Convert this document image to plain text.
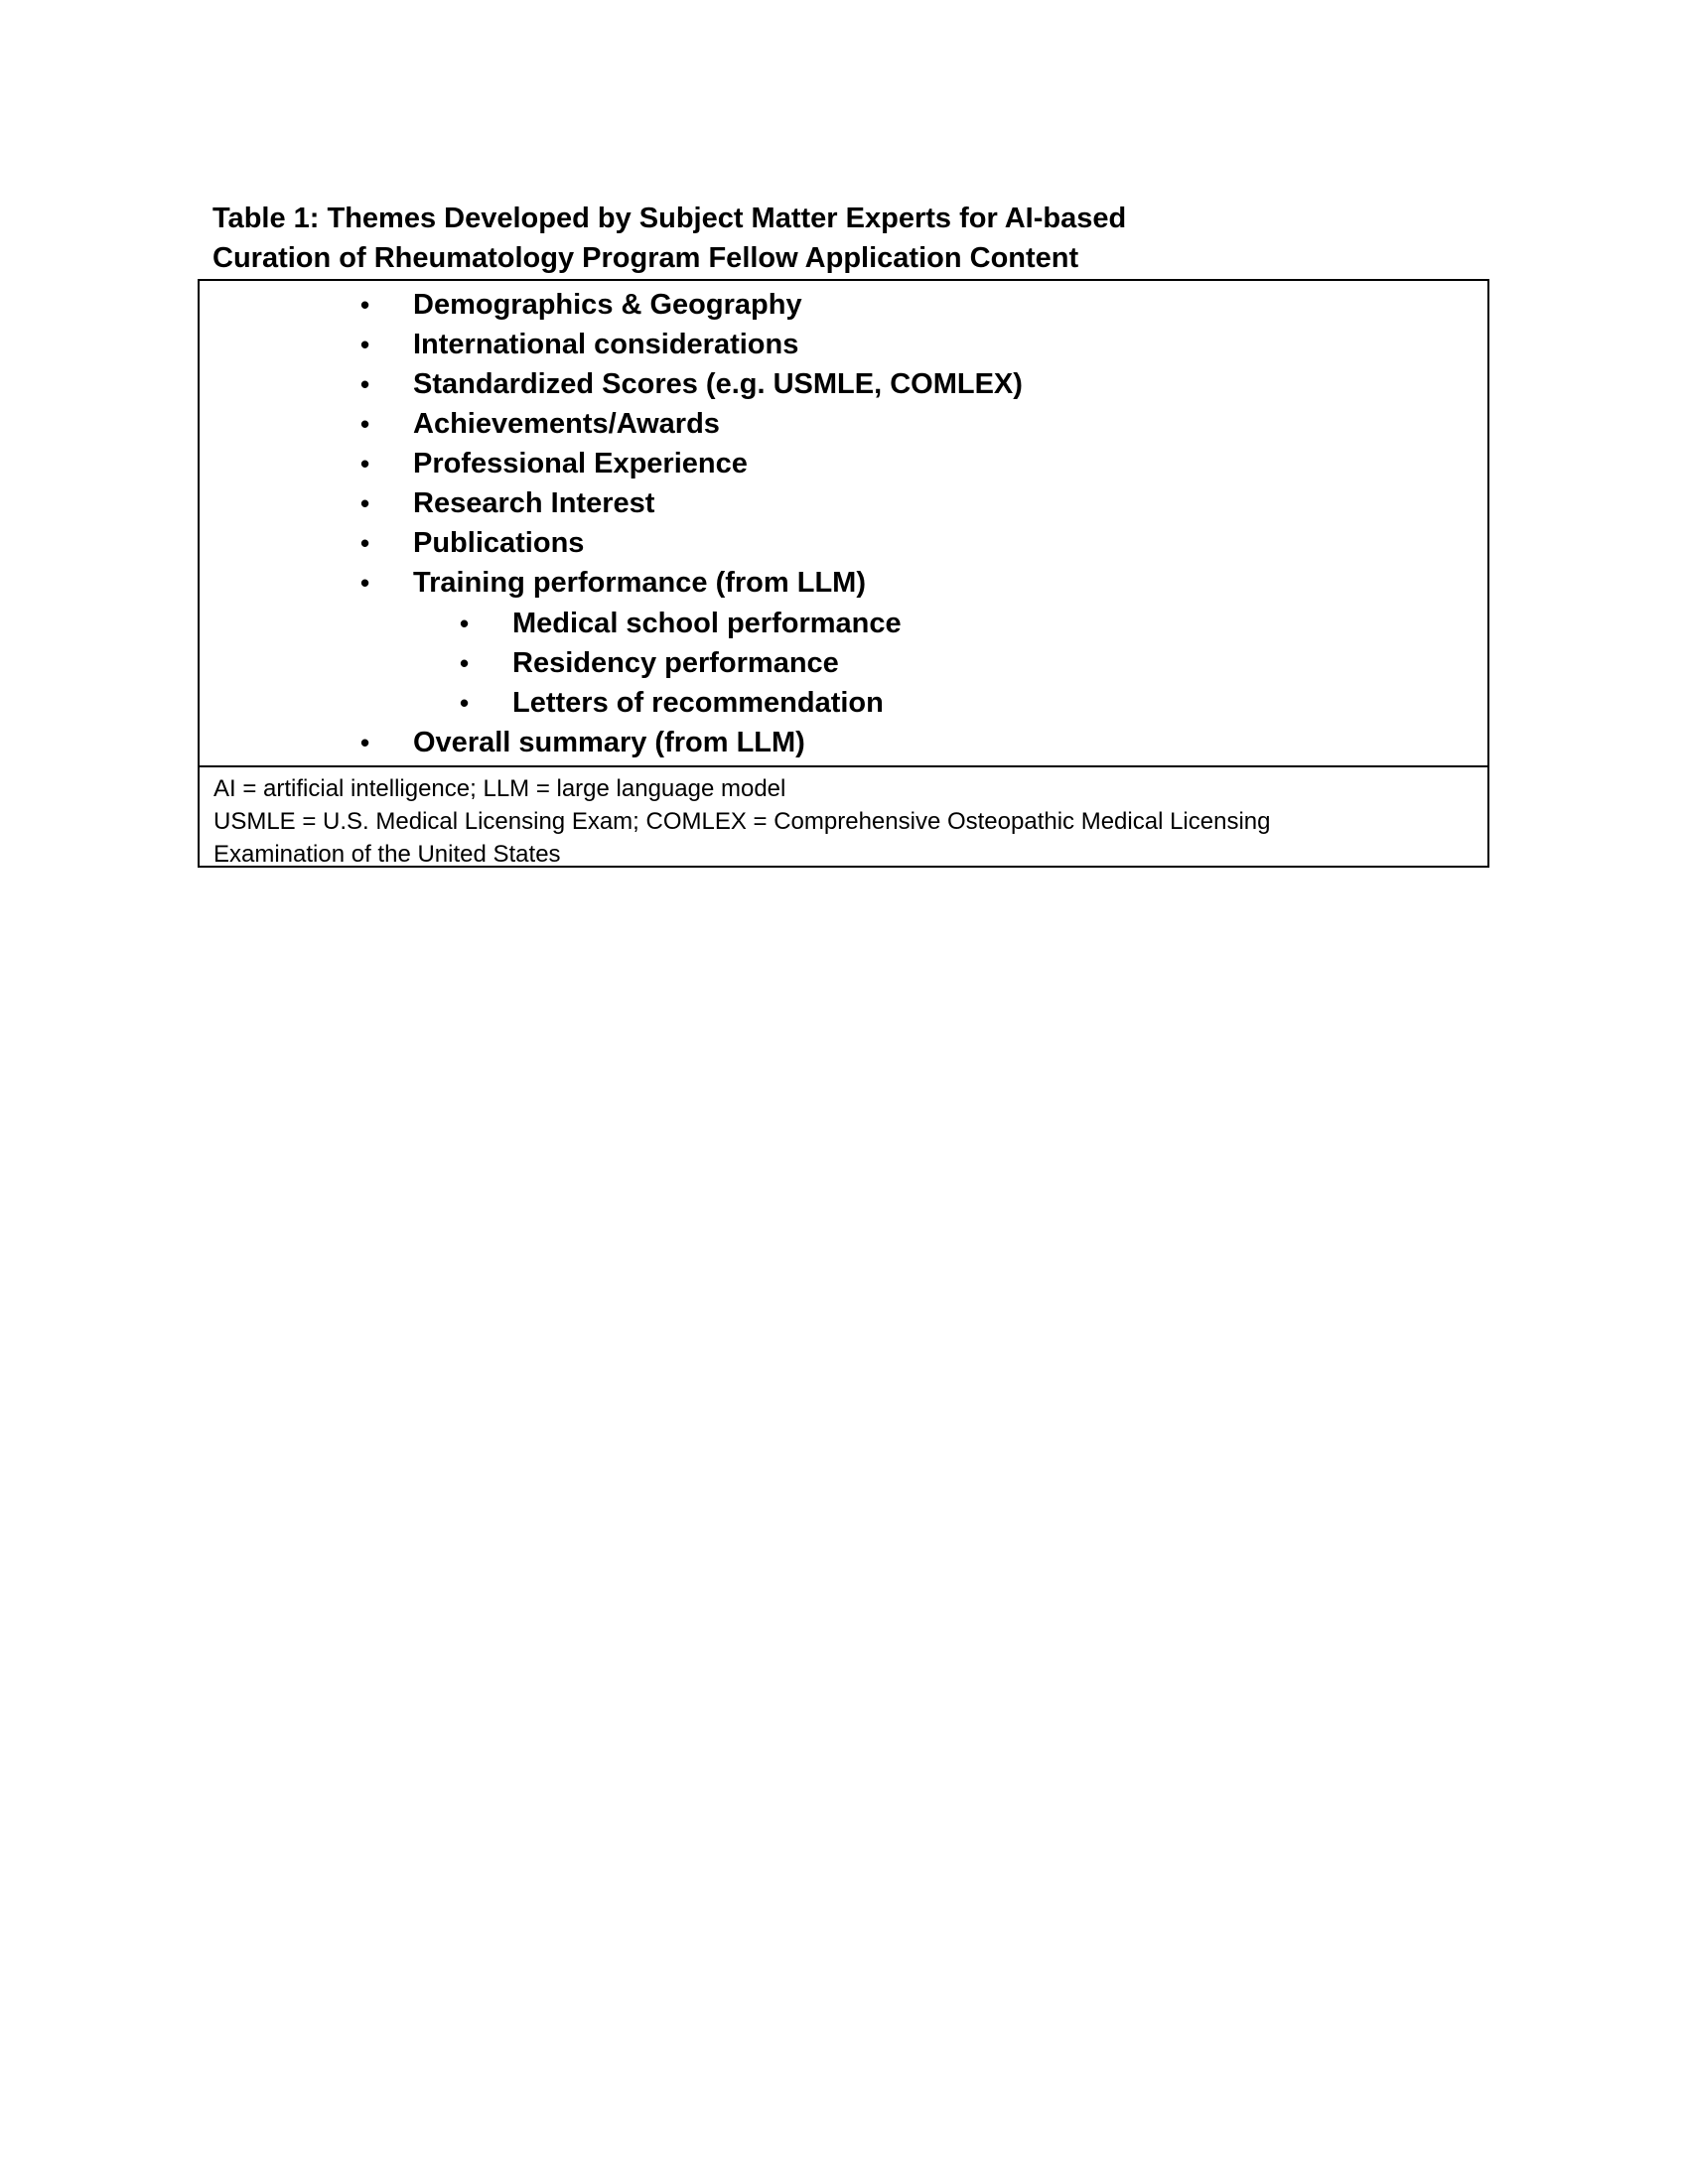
Table 1: Themes Developed by Subject Matter Experts for AI-based
Curation of Rheumatology Program Fellow Application Content
•	Demographics & Geography
•	International considerations
•	Standardized Scores (e.g. USMLE, COMLEX)
•	Achievements/Awards
•	Professional Experience
•	Research Interest
•	Publications
•	Training performance (from LLM)
•	Medical school performance
•	Residency performance
•	Letters of recommendation
•	Overall summary (from LLM)
AI = artificial intelligence; LLM = large language model
USMLE = U.S. Medical Licensing Exam; COMLEX = Comprehensive Osteopathic Medical Licensing
Examination of the United States
